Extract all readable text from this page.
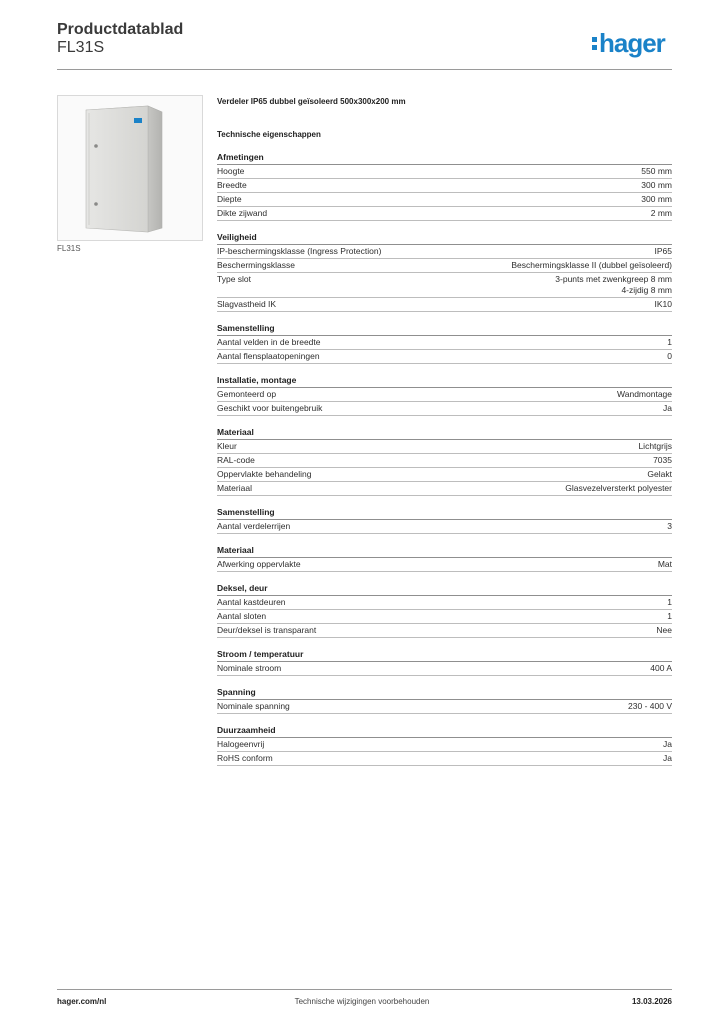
Productdatablad
FL31S	hager
FL31S
Verdeler IP65 dubbel geïsoleerd 500x300x200 mm
Technische eigenschappen
Afmetingen
Hoogte	550 mm
Breedte	300 mm
Diepte	300 mm
Dikte zijwand	2 mm
Veiligheid
IP-beschermingsklasse (Ingress Protection)	IP65
Beschermingsklasse	Beschermingsklasse II (dubbel geïsoleerd)
Type slot	3-punts met zwenkgreep 8 mm
4-zijdig 8 mm
Slagvastheid IK	IK10
Samenstelling
Aantal velden in de breedte	1
Aantal flensplaatopeningen	0
Installatie, montage
Gemonteerd op	Wandmontage
Geschikt voor buitengebruik	Ja
Materiaal
Kleur	Lichtgrijs
RAL-code	7035
Oppervlakte behandeling	Gelakt
Materiaal	Glasvezelversterkt polyester
Samenstelling
Aantal verdelerrijen	3
Materiaal
Afwerking oppervlakte	Mat
Deksel, deur
Aantal kastdeuren	1
Aantal sloten	1
Deur/deksel is transparant	Nee
Stroom / temperatuur
Nominale stroom	400 A
Spanning
Nominale spanning	230 - 400 V
Duurzaamheid
Halogeenvrij	Ja
RoHS conform	Ja
hager.com/nl	Technische wijzigingen voorbehouden	13.03.2026
